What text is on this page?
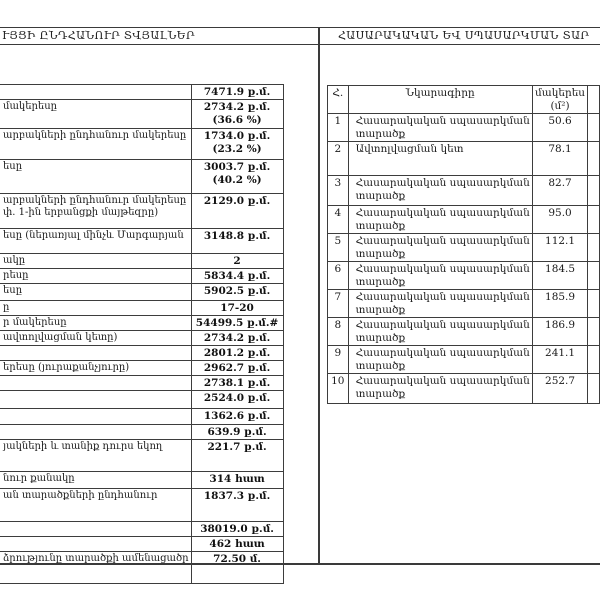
ՒՅՑԻ ԸՆԴՀԱՆՈՒՐ ՏՎՅԱԼՆԵՐ	ՀԱՍԱՐԱԿԱԿԱՆ ԵՎ ՍՊԱՍԱՐԿՄԱՆ ՏԱՐ

	7471.9 ք.մ.

մակերեսը	2734.2 ք.մ.
(36.6 %)

արբակների ընդհանուր մակերեսը	1734.0 ք.մ.
(23.2 %)

եսը	3003.7 ք.մ.
(40.2 %)

արբակների ընդհանուր մակերեսը
փ. 1-ին երբանցքի մայթեզրը)	2129.0 ք.մ.

եսը (ներառյալ մինչև Մարգարյան	3148.8 ք.մ.

ակը	2

րեսը	5834.4 ք.մ.

եսը	5902.5 ք.մ.

ը	17-20

ր մակերեսը	54499.5 ք.մ.#

ավտոլվացման կետը)	2734.2 ք.մ.

	2801.2 ք.մ.

երեսը (յուրաքանչյուրը)	2962.7 ք.մ.

	2738.1 ք.մ.

	2524.0 ք.մ.

	1362.6 ք.մ.

	639.9 ք.մ.

յակների և տանիք դուրս եկող	221.7 ք.մ.

նուր քանակը	314 հատ

ան տարածքների ընդհանուր	1837.3 ք.մ.

	38019.0 ք.մ.

	462 հատ

ձրությունը տարածքի ամենացածր	72.50 մ.
Հ.	Նկարագիրը	մակերես
(մ²)	

1	Հասարակական սպասարկման
տարածք	50.6	

2	Ավտոլվացման կետ	78.1	

3	Հասարակական սպասարկման
տարածք	82.7	

4	Հասարակական սպասարկման
տարածք	95.0	

5	Հասարակական սպասարկման
տարածք	112.1	

6	Հասարակական սպասարկման
տարածք	184.5	

7	Հասարակական սպասարկման
տարածք	185.9	

8	Հասարակական սպասարկման
տարածք	186.9	

9	Հասարակական սպասարկման
տարածք	241.1	

10	Հասարակական սպասարկման
տարածք	252.7	
